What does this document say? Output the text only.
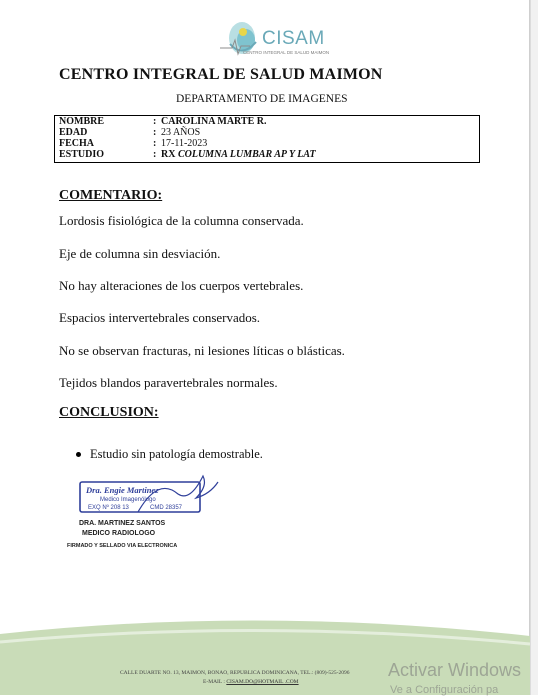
CISAM
CENTRO INTEGRAL DE SALUD MAIMON
CENTRO INTEGRAL DE SALUD MAIMON
DEPARTAMENTO DE IMAGENES
NOMBRE	: CAROLINA MARTE R.
EDAD	: 23 AÑOS
FECHA	: 17-11-2023
ESTUDIO	: RX COLUMNA LUMBAR AP Y LAT
COMENTARIO:
Lordosis fisiológica de la columna conservada.
Eje de columna sin desviación.
No hay alteraciones de los cuerpos vertebrales.
Espacios intervertebrales conservados.
No se observan fracturas, ni lesiones líticas o blásticas.
Tejidos blandos paravertebrales normales.
CONCLUSION:
Estudio sin patología demostrable.
Dra. Engie Martinez
Medico Imagenólogo
EXQ Nº 208 13	CMD 28357
DRA. MARTINEZ SANTOS
MEDICO RADIOLOGO
FIRMADO Y SELLADO VIA ELECTRONICA
CALLE DUARTE NO. 13, MAIMON, BONAO, REPUBLICA DOMINICANA, TEL.: (809)-525-2096
E-MAIL : CISAM.DO@HOTMAIL .COM
Activar Windows
Ve a Configuración pa
